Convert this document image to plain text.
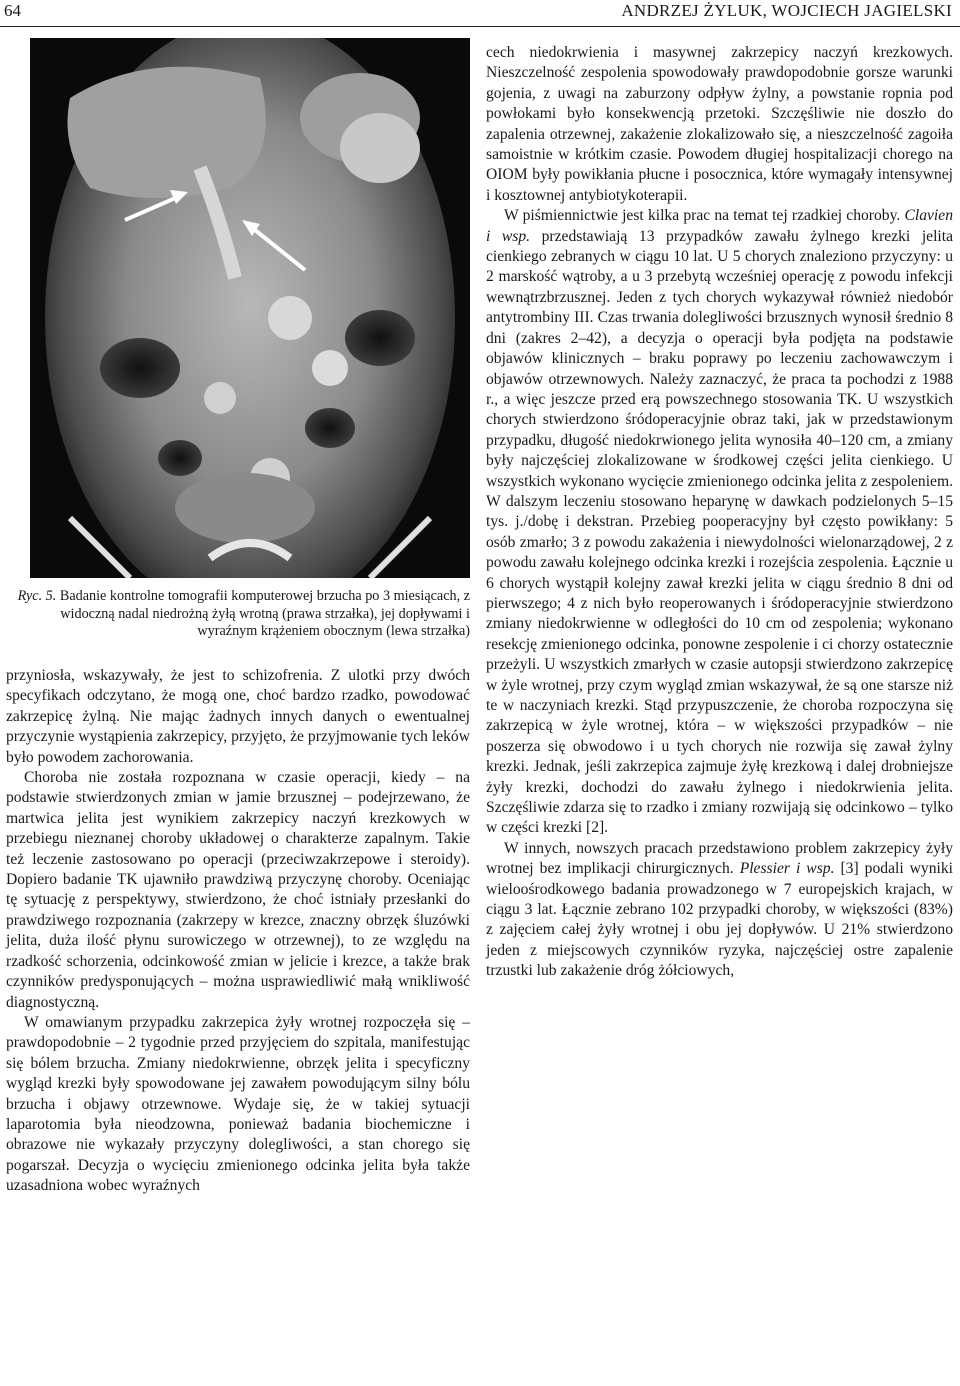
64	ANDRZEJ ŻYLUK, WOJCIECH JAGIELSKI
Ryc. 5. Badanie kontrolne tomografii komputerowej brzucha po 3 miesiącach, z widoczną nadal niedrożną żyłą wrotną (prawa strzałka), jej dopływami i wyraźnym krążeniem obocznym (lewa strzałka)

przyniosła, wskazywały, że jest to schizofrenia. Z ulotki przy dwóch specyfikach odczytano, że mogą one, choć bardzo rzadko, powodować zakrzepicę żylną. Nie mając żadnych innych danych o ewentualnej przyczynie wystąpienia zakrzepicy, przyjęto, że przyjmowanie tych leków było powodem zachorowania.

Choroba nie została rozpoznana w czasie operacji, kiedy – na podstawie stwierdzonych zmian w jamie brzusznej – podejrzewano, że martwica jelita jest wynikiem zakrzepicy naczyń krezkowych w przebiegu nieznanej choroby układowej o charakterze zapalnym. Takie też leczenie zastosowano po operacji (przeciwzakrzepowe i steroidy). Dopiero badanie TK ujawniło prawdziwą przyczynę choroby. Oceniając tę sytuację z perspektywy, stwierdzono, że choć istniały przesłanki do prawdziwego rozpoznania (zakrzepy w krezce, znaczny obrzęk śluzówki jelita, duża ilość płynu surowiczego w otrzewnej), to ze względu na rzadkość schorzenia, odcinkowość zmian w jelicie i krezce, a także brak czynników predysponujących – można usprawiedliwić małą wnikliwość diagnostyczną.

W omawianym przypadku zakrzepica żyły wrotnej rozpoczęła się – prawdopodobnie – 2 tygodnie przed przyjęciem do szpitala, manifestując się bólem brzucha. Zmiany niedokrwienne, obrzęk jelita i specyficzny wygląd krezki były spowodowane jej zawałem powodującym silny bólu brzucha i objawy otrzewnowe. Wydaje się, że w takiej sytuacji laparotomia była nieodzowna, ponieważ badania biochemiczne i obrazowe nie wykazały przyczyny dolegliwości, a stan chorego się pogarszał. Decyzja o wycięciu zmienionego odcinka jelita była także uzasadniona wobec wyraźnych

cech niedokrwienia i masywnej zakrzepicy naczyń krezkowych. Nieszczelność zespolenia spowodowały prawdopodobnie gorsze warunki gojenia, z uwagi na zaburzony odpływ żylny, a powstanie ropnia pod powłokami było konsekwencją przetoki. Szczęśliwie nie doszło do zapalenia otrzewnej, zakażenie zlokalizowało się, a nieszczelność zagoiła samoistnie w krótkim czasie. Powodem długiej hospitalizacji chorego na OIOM były powikłania płucne i posocznica, które wymagały intensywnej i kosztownej antybiotykoterapii.

W piśmiennictwie jest kilka prac na temat tej rzadkiej choroby. Clavien i wsp. przedstawiają 13 przypadków zawału żylnego krezki jelita cienkiego zebranych w ciągu 10 lat. U 5 chorych znaleziono przyczyny: u 2 marskość wątroby, a u 3 przebytą wcześniej operację z powodu infekcji wewnątrzbrzusznej. Jeden z tych chorych wykazywał również niedobór antytrombiny III. Czas trwania dolegliwości brzusznych wynosił średnio 8 dni (zakres 2–42), a decyzja o operacji była podjęta na podstawie objawów klinicznych – braku poprawy po leczeniu zachowawczym i objawów otrzewnowych. Należy zaznaczyć, że praca ta pochodzi z 1988 r., a więc jeszcze przed erą powszechnego stosowania TK. U wszystkich chorych stwierdzono śródoperacyjnie obraz taki, jak w przedstawionym przypadku, długość niedokrwionego jelita wynosiła 40–120 cm, a zmiany były najczęściej zlokalizowane w środkowej części jelita cienkiego. U wszystkich wykonano wycięcie zmienionego odcinka jelita z zespoleniem. W dalszym leczeniu stosowano heparynę w dawkach podzielonych 5–15 tys. j./dobę i dekstran. Przebieg pooperacyjny był często powikłany: 5 osób zmarło; 3 z powodu zakażenia i niewydolności wielonarządowej, 2 z powodu zawału kolejnego odcinka krezki i rozejścia zespolenia. Łącznie u 6 chorych wystąpił kolejny zawał krezki jelita w ciągu średnio 8 dni od pierwszego; 4 z nich było reoperowanych i śródoperacyjnie stwierdzono zmiany niedokrwienne w odległości do 10 cm od zespolenia; wykonano resekcję zmienionego odcinka, ponowne zespolenie i ci chorzy ostatecznie przeżyli. U wszystkich zmarłych w czasie autopsji stwierdzono zakrzepicę w żyle wrotnej, przy czym wygląd zmian wskazywał, że są one starsze niż te w naczyniach krezki. Stąd przypuszczenie, że choroba rozpoczyna się zakrzepicą w żyle wrotnej, która – w większości przypadków – nie poszerza się obwodowo i u tych chorych nie rozwija się zawał żylny krezki. Jednak, jeśli zakrzepica zajmuje żyłę krezkową i dalej drobniejsze żyły krezki, dochodzi do zawału żylnego i niedokrwienia jelita. Szczęśliwie zdarza się to rzadko i zmiany rozwijają się odcinkowo – tylko w części krezki [2].

W innych, nowszych pracach przedstawiono problem zakrzepicy żyły wrotnej bez implikacji chirurgicznych. Plessier i wsp. [3] podali wyniki wieloośrodkowego badania prowadzonego w 7 europejskich krajach, w ciągu 3 lat. Łącznie zebrano 102 przypadki choroby, w większości (83%) z zajęciem całej żyły wrotnej i obu jej dopływów. U 21% stwierdzono jeden z miejscowych czynników ryzyka, najczęściej ostre zapalenie trzustki lub zakażenie dróg żółciowych,
